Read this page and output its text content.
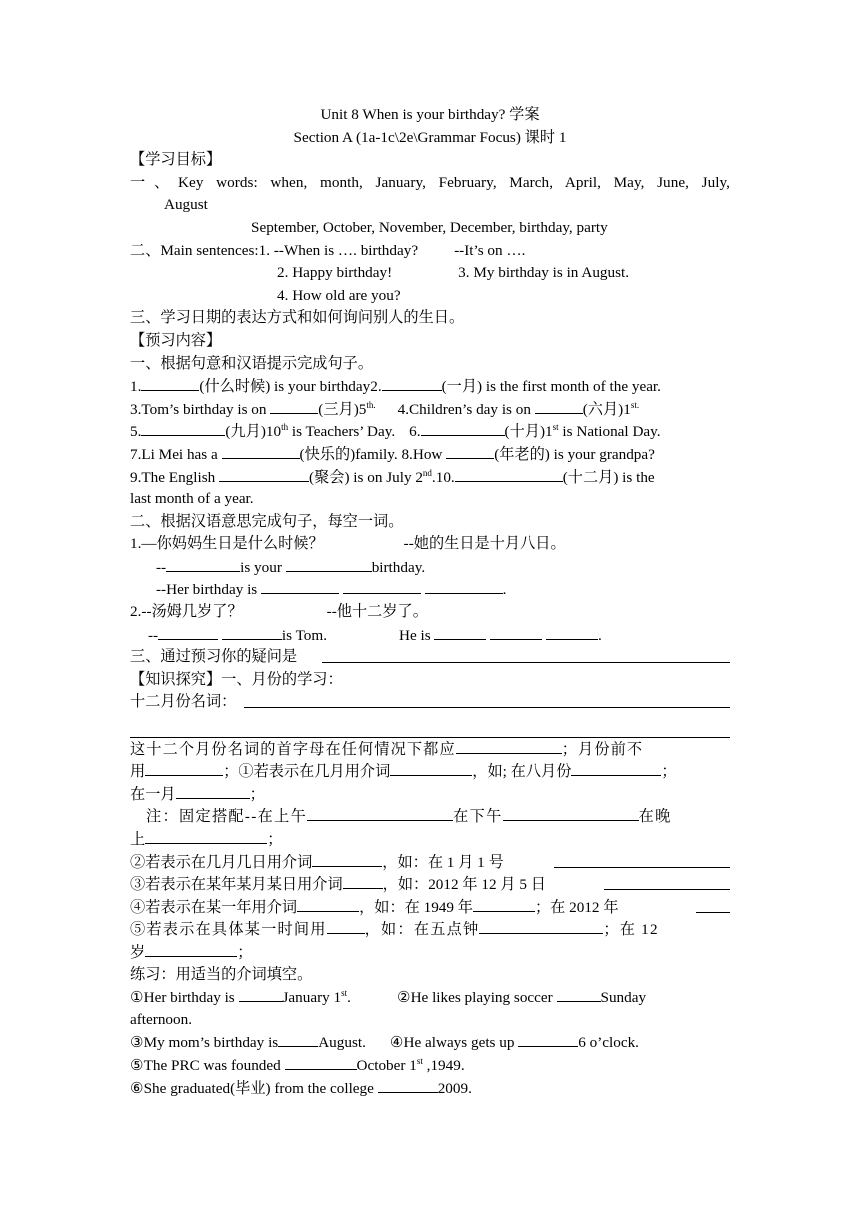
Unit 8 When is your birthday? 学案
Section A (1a-1c\2e\Grammar Focus) 课时 1
【学习目标】
一、Key words: when, month, January, February, March, April, May, June, July,
August
September, October, November, December, birthday, party
二、Main sentences:1. --When is …. birthday? --It’s on ….
2. Happy birthday!	3. My birthday is in August.
4. How old are you?
三、学习日期的表达方式和如何询问别人的生日。
【预习内容】
一、根据句意和汉语提示完成句子。
1.	(什么时候) is your birthday2.	(一月) is the first month of the year.
3.Tom’s birthday is on	(三月)$5^{th.}$ 4.Children’s day is on	(六月)$1^{st.}$
5.	(九月)10th is Teachers’ Day. 6.	(十月)1st is National Day.
7.Li Mei has a	(快乐的)family. 8.How	(年老的) is your grandpa?
9.The English	(聚会) is on July 2nd.10.	(十二月) is the
last month of a year.
二、根据汉语意思完成句子，每空一词。
1.—你妈妈生日是什么时候？	--她的生日是十月八日。
--	is your	birthday.
--Her birthday is	.
2.--汤姆几岁了？	--他十二岁了。
--	is Tom.	He is	.
三、通过预习你的疑问是
【知识探究】一、月份的学习：
十二月份名词：
这十二个月份名词的首字母在任何情况下都应	；月份前不
用	；①若表示在几月用介词	，如; 在八月份	；
在一月	；
注：固定搭配--在上午	在下午	在晚
上	；
②若表示在几月几日用介词	，如：在 1 月 1 号
③若表示在某年某月某日用介词	，如：2012 年 12 月 5 日
④若表示在某一年用介词	，如：在 1949 年	；在 2012 年
⑤若表示在具体某一时间用	，如：在五点钟	；在 12
岁	；
练习：用适当的介词填空。
①Her birthday is	January 1st.	②He likes playing soccer	Sunday
afternoon.
③My mom’s birthday is	August. ④He always gets up	6 o’clock.
⑤The PRC was founded	October 1st ,1949.
⑥She graduated(毕业) from the college	2009.
